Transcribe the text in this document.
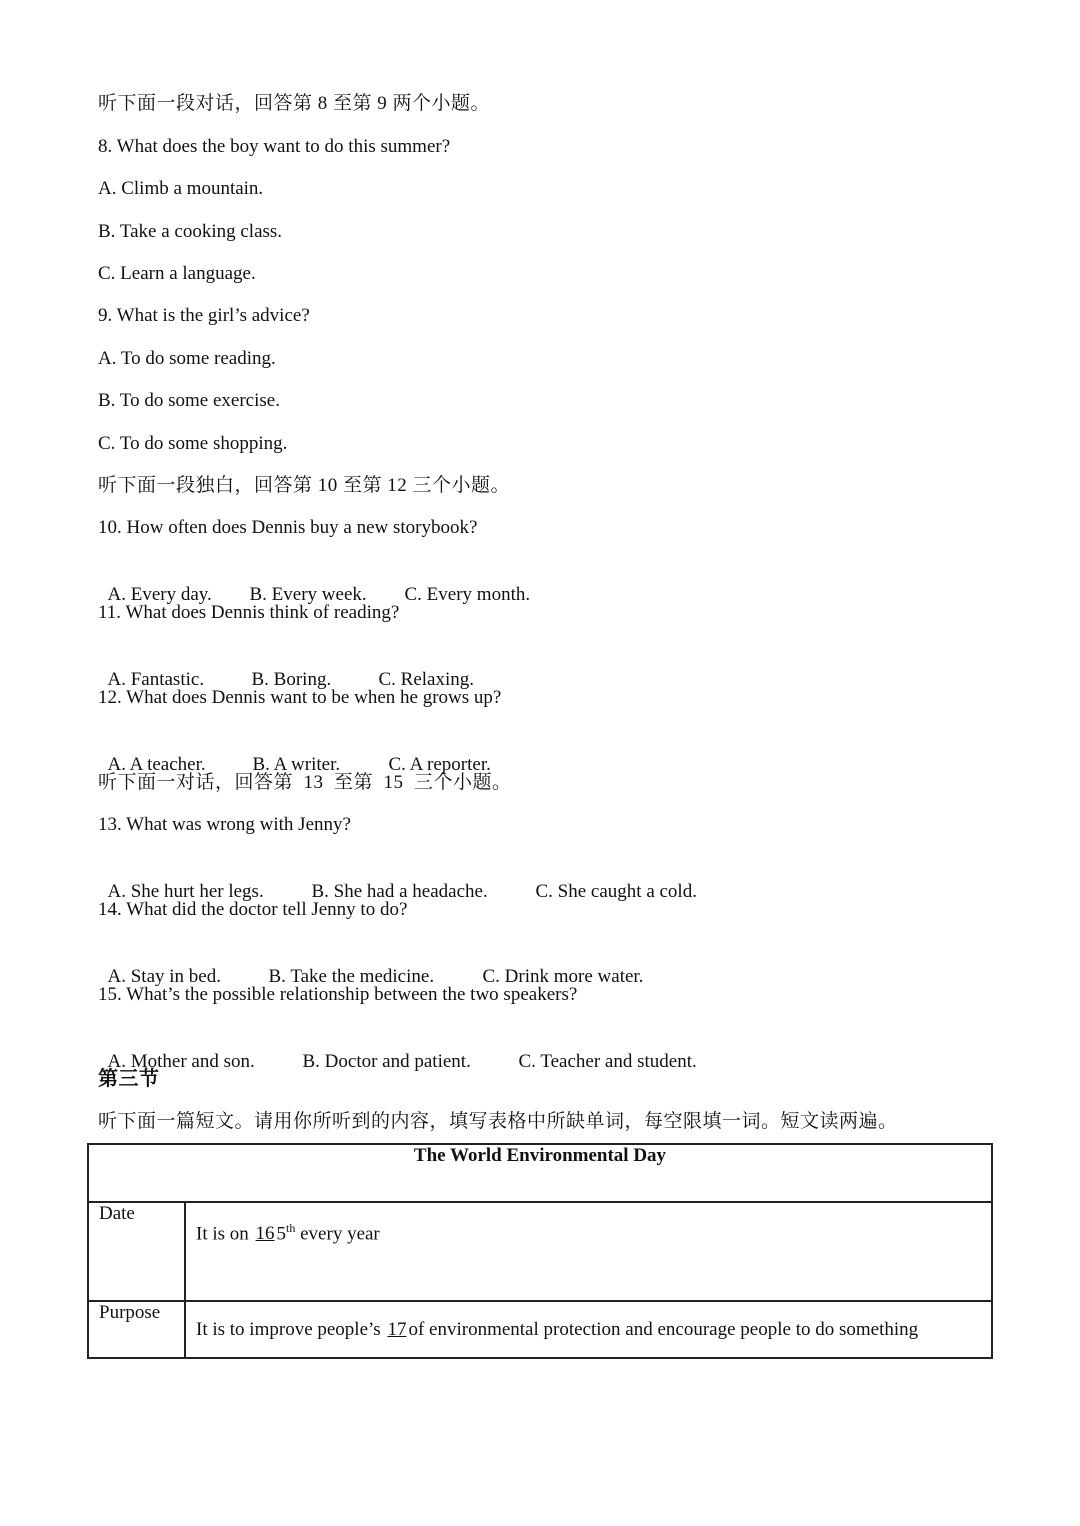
听下面一段对话，回答第 8 至第 9 两个小题。
8. What does the boy want to do this summer?
A. Climb a mountain.
B. Take a cooking class.
C. Learn a language.
9. What is the girl’s advice?
A. To do some reading.
B. To do some exercise.
C. To do some shopping.
听下面一段独白，回答第 10 至第 12 三个小题。
10. How often does Dennis buy a new storybook?

A. Every day. B. Every week. C. Every month.

11. What does Dennis think of reading?

A. Fantastic. B. Boring. C. Relaxing.

12. What does Dennis want to be when he grows up?

A. A teacher. B. A writer.	C. A reporter.

听下面一对话，回答第  13  至第  15  三个小题。
13. What was wrong with Jenny?

A. She hurt her legs.	B. She had a headache.	C. She caught a cold.

14. What did the doctor tell Jenny to do?

A. Stay in bed.	B. Take the medicine.	C. Drink more water.

15. What’s the possible relationship between the two speakers?

A. Mother and son.	B. Doctor and patient.	C. Teacher and student.

第三节
听下面一篇短文。请用你所听到的内容，填写表格中所缺单词，每空限填一词。短文读两遍。
The World Environmental Day	
Date	It is on 165th every year
Purpose	It is to improve people’s 17of environmental protection and encourage people to do something
